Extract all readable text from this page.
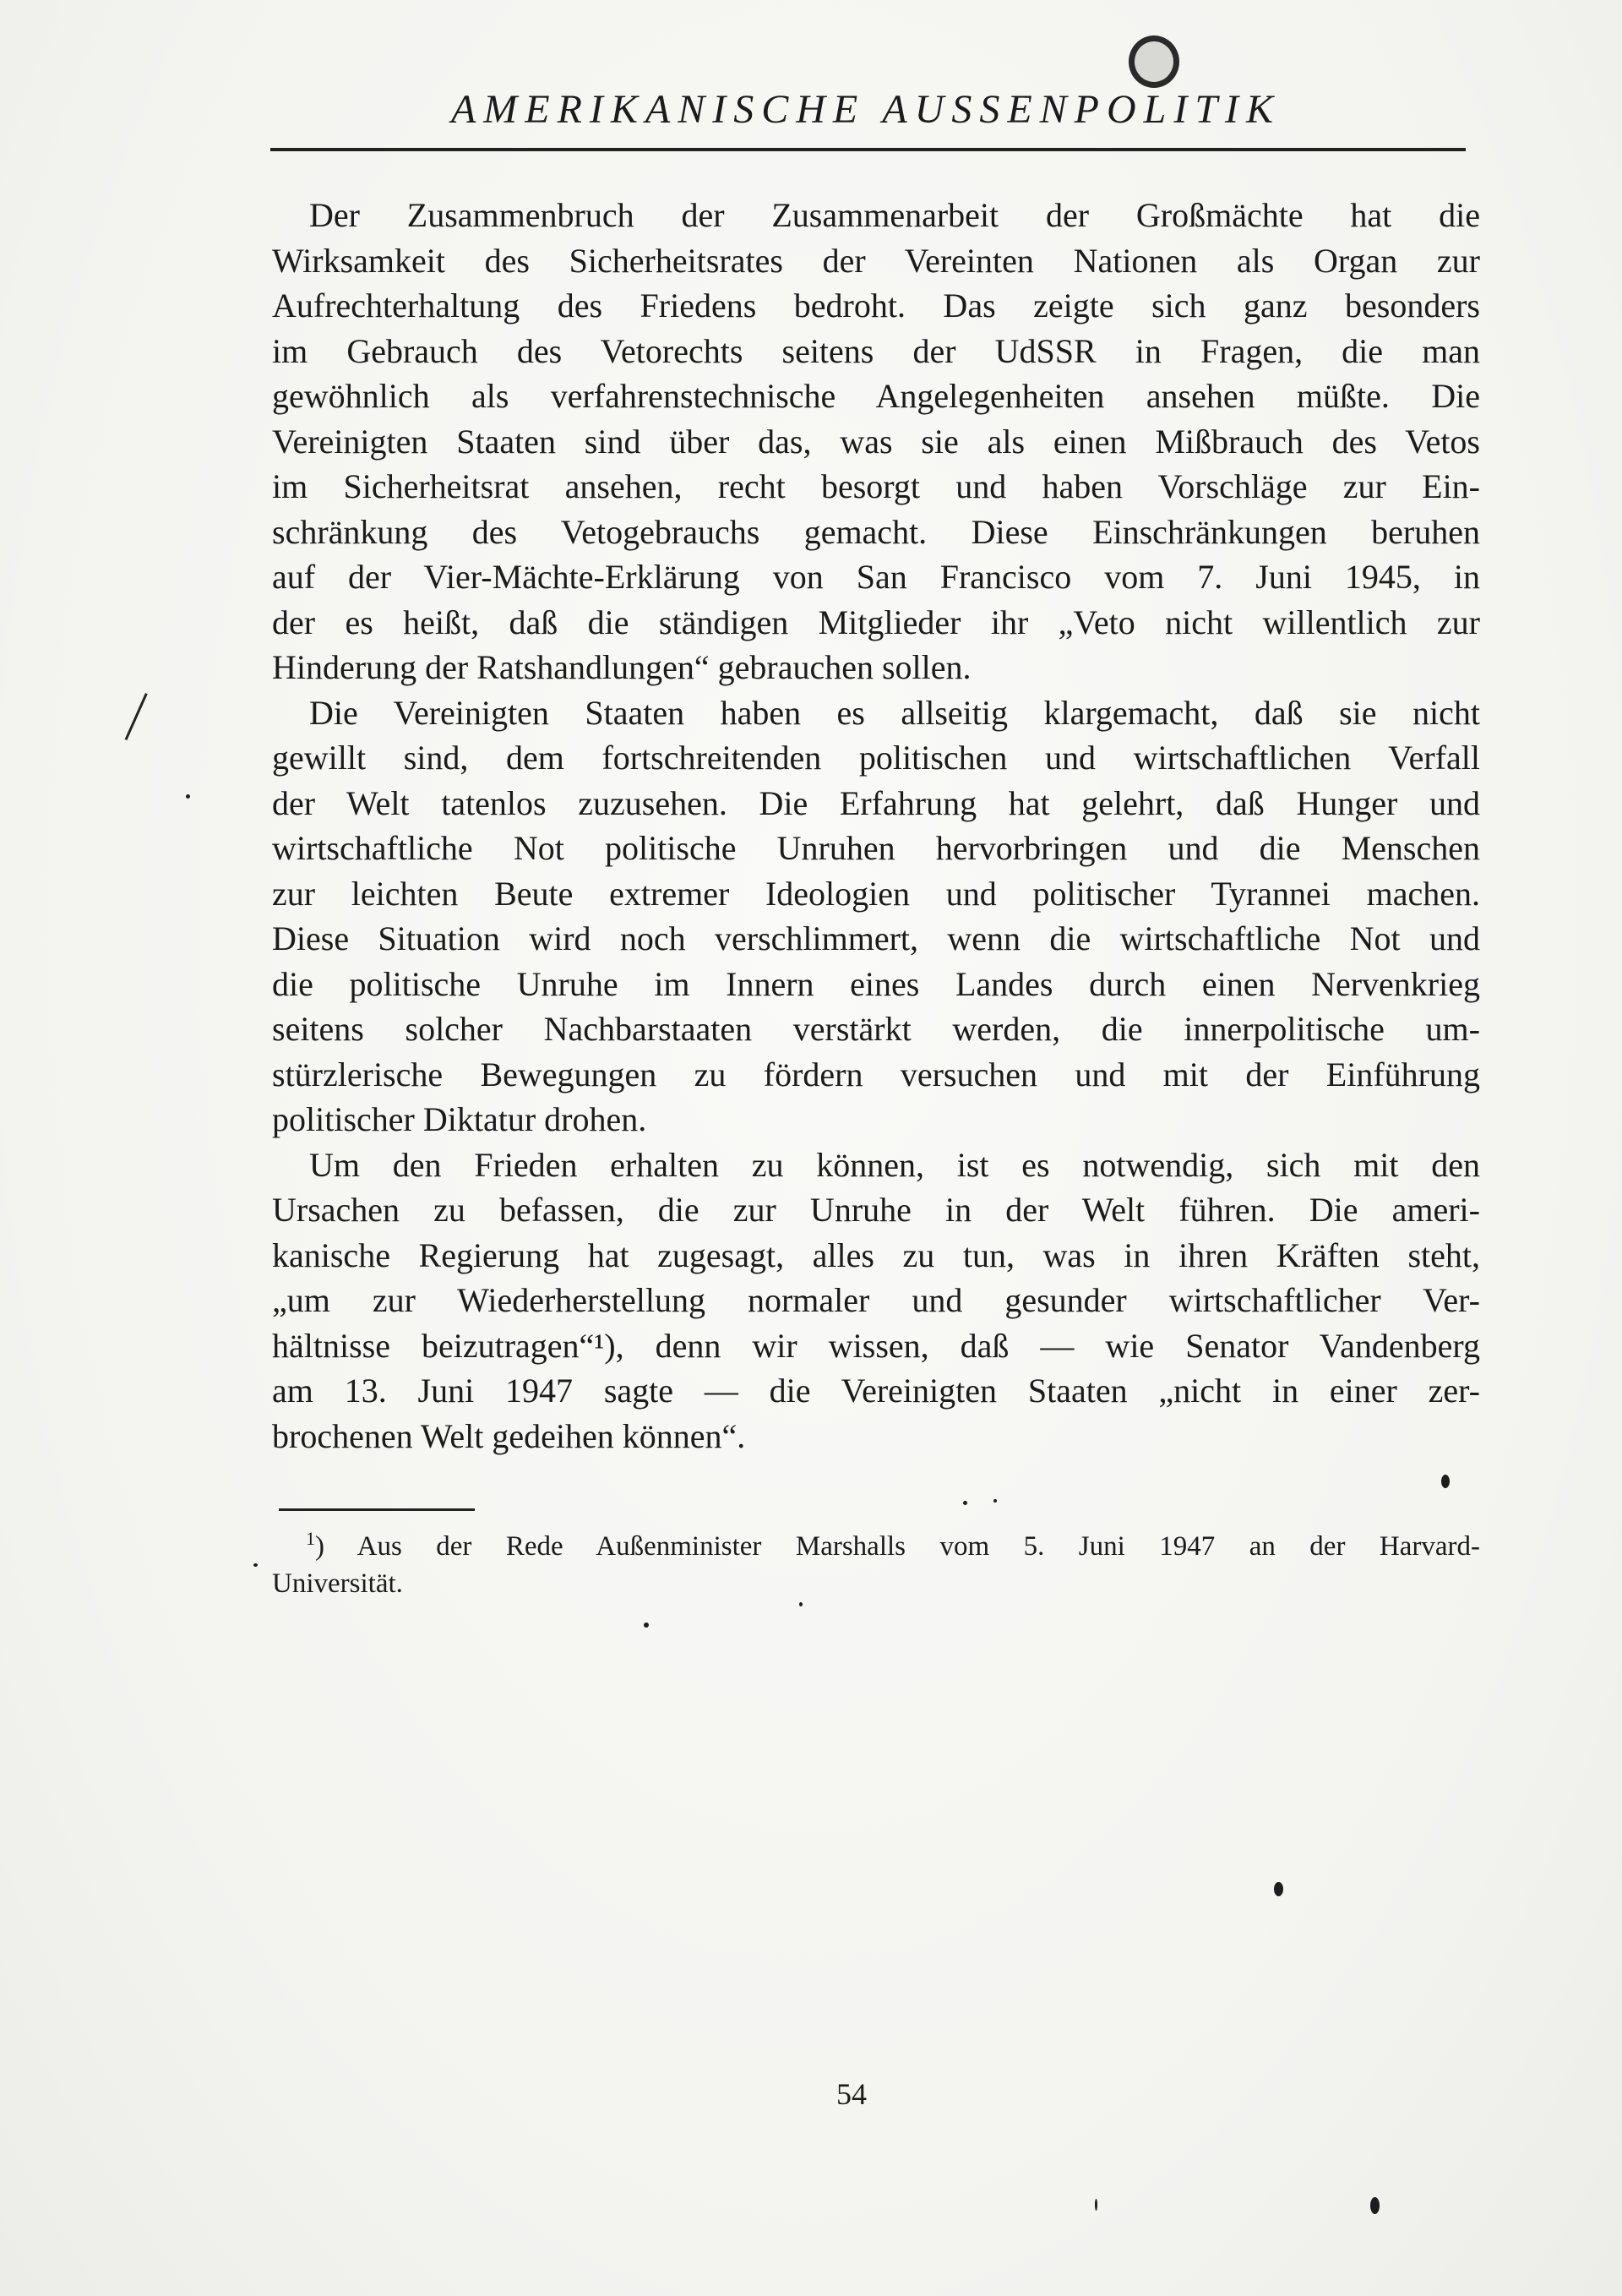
AMERIKANISCHE AUSSENPOLITIK

Der Zusammenbruch der Zusammenarbeit der Großmächte hat die
Wirksamkeit des Sicherheitsrates der Vereinten Nationen als Organ zur
Aufrechterhaltung des Friedens bedroht. Das zeigte sich ganz besonders
im Gebrauch des Vetorechts seitens der UdSSR in Fragen, die man
gewöhnlich als verfahrenstechnische Angelegenheiten ansehen müßte. Die
Vereinigten Staaten sind über das, was sie als einen Mißbrauch des Vetos
im Sicherheitsrat ansehen, recht besorgt und haben Vorschläge zur Ein-
schränkung des Vetogebrauchs gemacht. Diese Einschränkungen beruhen
auf der Vier-Mächte-Erklärung von San Francisco vom 7. Juni 1945, in
der es heißt, daß die ständigen Mitglieder ihr „Veto nicht willentlich zur
Hinderung der Ratshandlungen“ gebrauchen sollen.

Die Vereinigten Staaten haben es allseitig klargemacht, daß sie nicht
gewillt sind, dem fortschreitenden politischen und wirtschaftlichen Verfall
der Welt tatenlos zuzusehen. Die Erfahrung hat gelehrt, daß Hunger und
wirtschaftliche Not politische Unruhen hervorbringen und die Menschen
zur leichten Beute extremer Ideologien und politischer Tyrannei machen.
Diese Situation wird noch verschlimmert, wenn die wirtschaftliche Not und
die politische Unruhe im Innern eines Landes durch einen Nervenkrieg
seitens solcher Nachbarstaaten verstärkt werden, die innerpolitische um-
stürzlerische Bewegungen zu fördern versuchen und mit der Einführung
politischer Diktatur drohen.

Um den Frieden erhalten zu können, ist es notwendig, sich mit den
Ursachen zu befassen, die zur Unruhe in der Welt führen. Die ameri-
kanische Regierung hat zugesagt, alles zu tun, was in ihren Kräften steht,
„um zur Wiederherstellung normaler und gesunder wirtschaftlicher Ver-
hältnisse beizutragen“¹), denn wir wissen, daß — wie Senator Vandenberg
am 13. Juni 1947 sagte — die Vereinigten Staaten „nicht in einer zer-
brochenen Welt gedeihen können“.

$^1$) Aus der Rede Außenminister Marshalls vom 5. Juni 1947 an der Harvard-
Universität.
54
